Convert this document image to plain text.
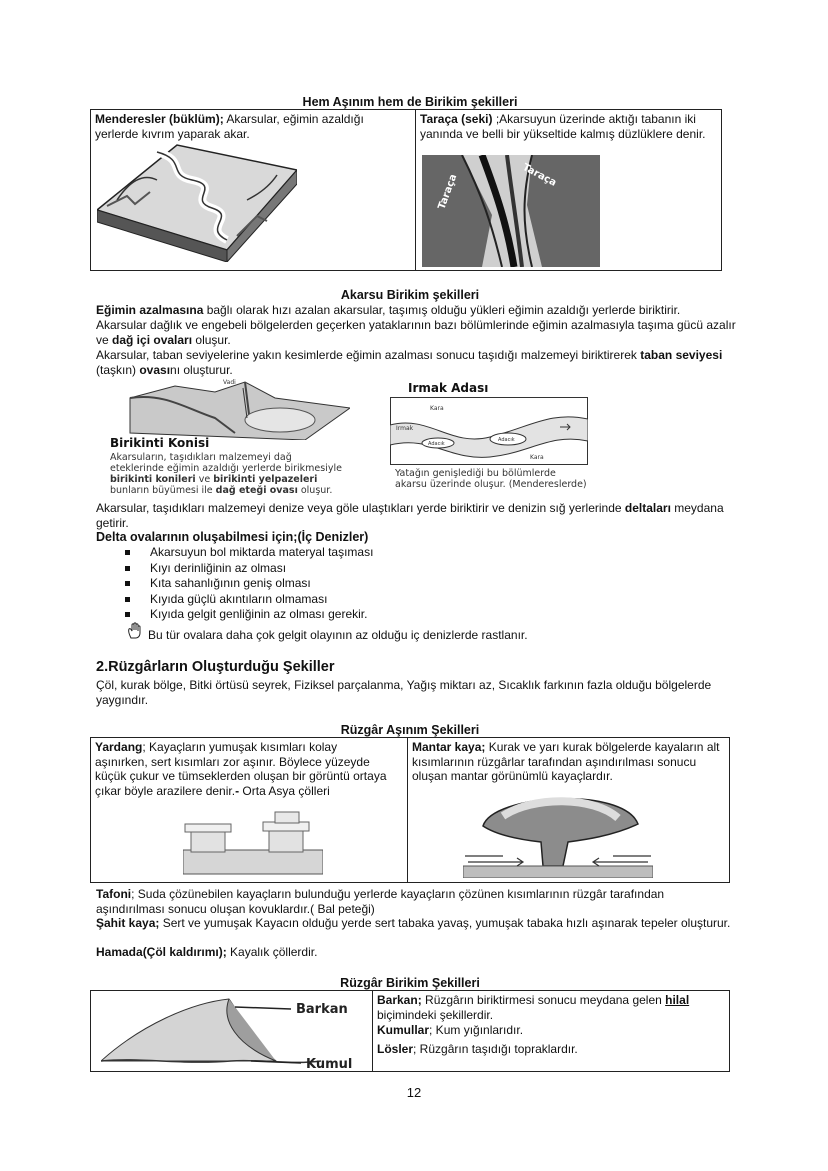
Hem Aşınım hem de Birikim şekilleri
Menderesler (büklüm); Akarsular, eğimin azaldığı yerlerde kıvrım yaparak akar.
Taraça (seki) ;Akarsuyun üzerinde aktığı tabanın iki yanında ve belli bir yükseltide kalmış düzlüklere denir.
Taraça	Taraça
Akarsu Birikim şekilleri
Eğimin azalmasına bağlı olarak hızı azalan akarsular, taşımış olduğu yükleri eğimin azaldığı yerlerde biriktirir.
Akarsular dağlık ve engebeli bölgelerden geçerken yataklarının bazı bölümlerinde eğimin azalmasıyla taşıma gücü azalır ve dağ içi ovaları oluşur.
Akarsular, taban seviyelerine yakın kesimlerde eğimin azalması sonucu taşıdığı malzemeyi biriktirerek taban seviyesi (taşkın) ovasını oluşturur.
Vadi
Birikinti Konisi
Akarsuların, taşıdıkları malzemeyi dağ
eteklerinde eğimin azaldığı yerlerde birikmesiyle
birikinti konileri ve birikinti yelpazeleri
bunların büyümesi ile dağ eteği ovası oluşur.
Irmak Adası
Kara
Irmak
Adacık
Adacık
Kara
Yatağın genişlediği bu bölümlerde
akarsu üzerinde oluşur. (Mendereslerde)
Akarsular, taşıdıkları malzemeyi denize veya göle ulaştıkları yerde biriktirir ve denizin sığ yerlerinde deltaları meydana getirir.
Delta ovalarının oluşabilmesi için;(İç Denizler)
Akarsuyun bol miktarda materyal taşıması
Kıyı derinliğinin az olması
Kıta sahanlığının geniş olması
Kıyıda güçlü akıntıların olmaması
Kıyıda gelgit genliğinin az olması gerekir.
Bu tür ovalara daha çok gelgit olayının az olduğu iç denizlerde rastlanır.
2.Rüzgârların Oluşturduğu Şekiller
Çöl, kurak bölge, Bitki örtüsü seyrek, Fiziksel parçalanma, Yağış miktarı az, Sıcaklık farkının fazla olduğu bölgelerde yaygındır.
Rüzgâr Aşınım Şekilleri
Yardang; Kayaçların yumuşak kısımları kolay aşınırken, sert kısımları zor aşınır. Böylece yüzeyde küçük çukur ve tümseklerden oluşan bir görüntü ortaya çıkar böyle arazilere denir.- Orta Asya çölleri
Mantar kaya; Kurak ve yarı kurak bölgelerde kayaların alt kısımlarının rüzgârlar tarafından aşındırılması sonucu oluşan mantar görünümlü kayaçlardır.
Tafoni; Suda çözünebilen kayaçların bulunduğu yerlerde kayaçların çözünen kısımlarının rüzgâr tarafından aşındırılması sonucu oluşan kovuklardır.( Bal peteği)
Şahit kaya; Sert ve yumuşak Kayacın olduğu yerde sert tabaka yavaş, yumuşak tabaka hızlı aşınarak tepeler oluşturur.
Hamada(Çöl kaldırımı); Kayalık çöllerdir.
Rüzgâr Birikim Şekilleri
Barkan
Kumul
Barkan; Rüzgârın biriktirmesi sonucu meydana gelen hilal biçimindeki şekillerdir.
Kumullar; Kum yığınlarıdır.
Lösler; Rüzgârın taşıdığı topraklardır.
12
